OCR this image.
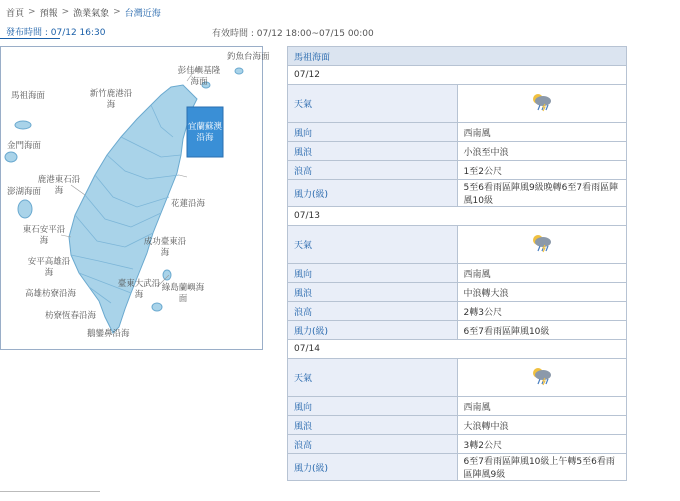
首頁 > 預報 > 漁業氣象 > 台灣近海
發布時間 : 07/12 16:30	有效時間 : 07/12 18:00~07/15 00:00
釣魚台海面
彭佳嶼基隆海面
新竹鹿港沿海
馬祖海面
金門海面
宜蘭蘇澳沿海
鹿港東石沿海
澎湖海面
花蓮沿海
東石安平沿海	成功臺東沿海
安平高雄沿海
高雄枋寮沿海
臺東大武沿海
綠島蘭嶼海面
枋寮恆春沿海
鵝鑾鼻沿海
馬祖海面	
07/12	
天氣	
風向	西南風
風浪	小浪至中浪
浪高	1至2公尺
風力(級)	5至6看雨區陣風9級晚轉6至7看雨區陣風10級
07/13	
天氣	
風向	西南風
風浪	中浪轉大浪
浪高	2轉3公尺
風力(級)	6至7看雨區陣風10級
07/14	
天氣	
風向	西南風
風浪	大浪轉中浪
浪高	3轉2公尺
風力(級)	6至7看雨區陣風10級上午轉5至6看雨區陣風9級
